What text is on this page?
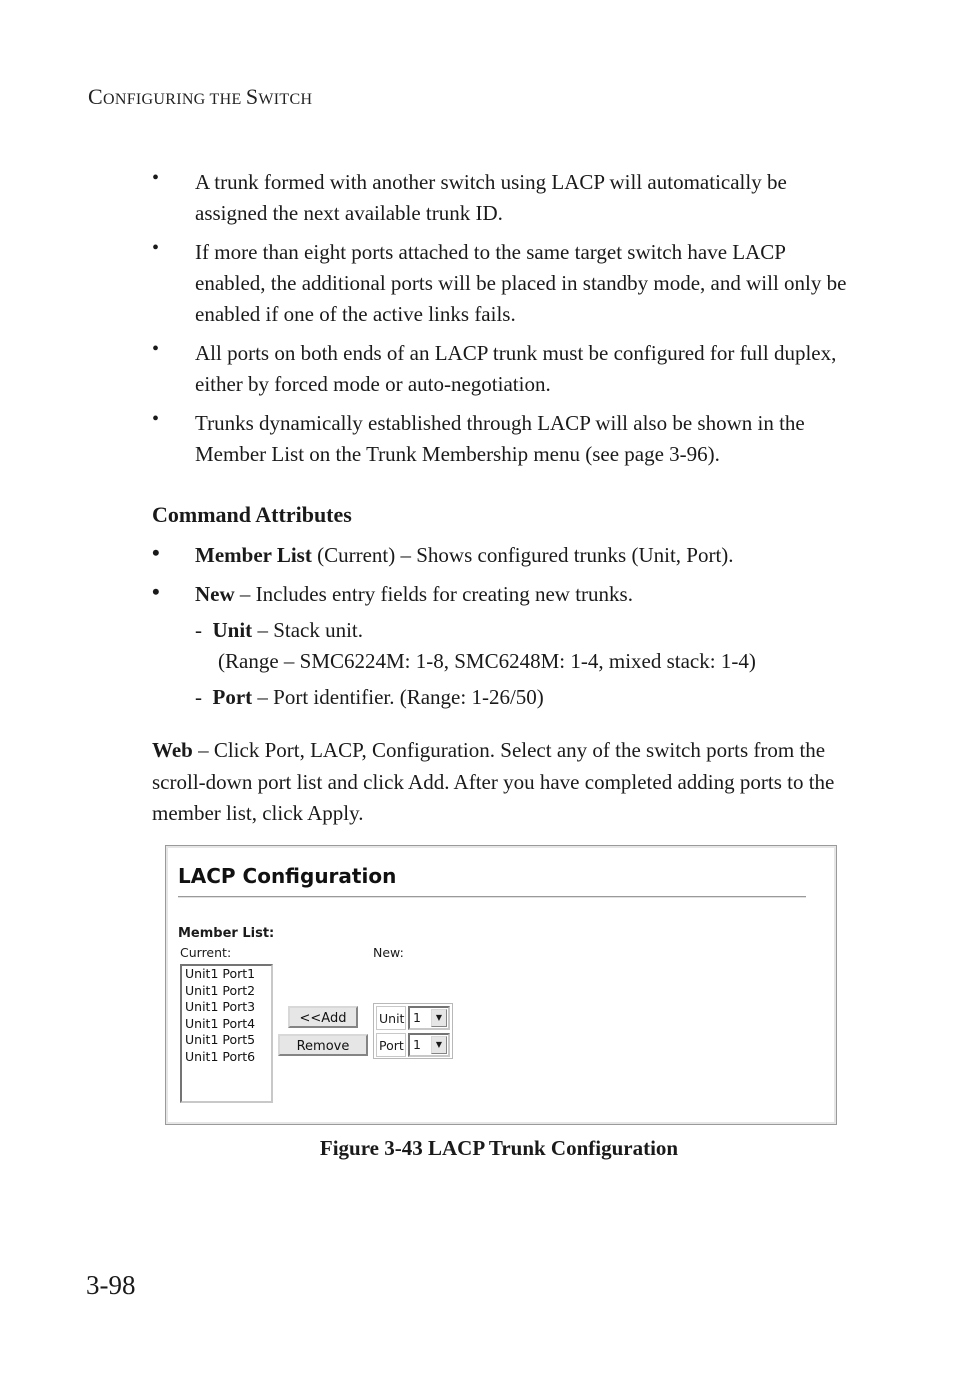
CONFIGURING THE SWITCH
• A trunk formed with another switch using LACP will automatically be assigned the next available trunk ID.
• If more than eight ports attached to the same target switch have LACP enabled, the additional ports will be placed in standby mode, and will only be enabled if one of the active links fails.
• All ports on both ends of an LACP trunk must be configured for full duplex, either by forced mode or auto-negotiation.
• Trunks dynamically established through LACP will also be shown in the Member List on the Trunk Membership menu (see page 3-96).
Command Attributes
• Member List (Current) – Shows configured trunks (Unit, Port).
• New – Includes entry fields for creating new trunks.
- Unit – Stack unit.
(Range – SMC6224M: 1-8, SMC6248M: 1-4, mixed stack: 1-4)
- Port – Port identifier. (Range: 1-26/50)
Web – Click Port, LACP, Configuration. Select any of the switch ports from the scroll-down port list and click Add. After you have completed adding ports to the member list, click Apply.
LACP Configuration
Member List:
Current:	New:
Unit1 Port1
Unit1 Port2
Unit1 Port3
Unit1 Port4
Unit1 Port5
Unit1 Port6
<<Add
Remove
Unit 1	▼
Port 1	▼
Figure 3-43 LACP Trunk Configuration
3-98
